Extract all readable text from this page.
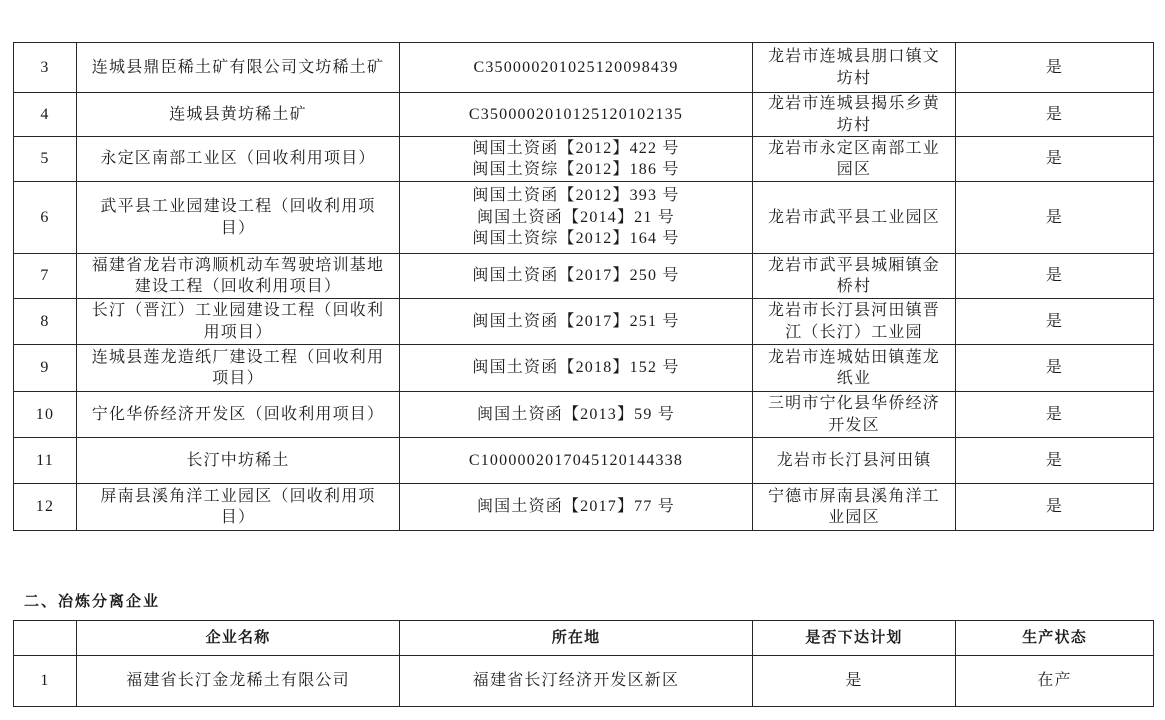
3	连城县鼎臣稀土矿有限公司文坊稀土矿	C350000201025120098439	龙岩市连城县朋口镇文
坊村	是
4	连城县黄坊稀土矿	C3500002010125120102135	龙岩市连城县揭乐乡黄
坊村	是
5	永定区南部工业区（回收利用项目）	闽国土资函【2012】422 号
闽国土资综【2012】186 号	龙岩市永定区南部工业
园区	是
6	武平县工业园建设工程（回收利用项
目）	闽国土资函【2012】393 号
闽国土资函【2014】21 号
闽国土资综【2012】164 号	龙岩市武平县工业园区	是
7	福建省龙岩市鸿顺机动车驾驶培训基地
建设工程（回收利用项目）	闽国土资函【2017】250 号	龙岩市武平县城厢镇金
桥村	是
8	长汀（晋江）工业园建设工程（回收利
用项目）	闽国土资函【2017】251 号	龙岩市长汀县河田镇晋
江（长汀）工业园	是
9	连城县莲龙造纸厂建设工程（回收利用
项目）	闽国土资函【2018】152 号	龙岩市连城姑田镇莲龙
纸业	是
10	宁化华侨经济开发区（回收利用项目）	闽国土资函【2013】59 号	三明市宁化县华侨经济
开发区	是
11	长汀中坊稀土	C1000002017045120144338	龙岩市长汀县河田镇	是
12	屏南县溪角洋工业园区（回收利用项
目）	闽国土资函【2017】77 号	宁德市屏南县溪角洋工
业园区	是
二、冶炼分离企业
	企业名称	所在地	是否下达计划	生产状态
1	福建省长汀金龙稀土有限公司	福建省长汀经济开发区新区	是	在产
